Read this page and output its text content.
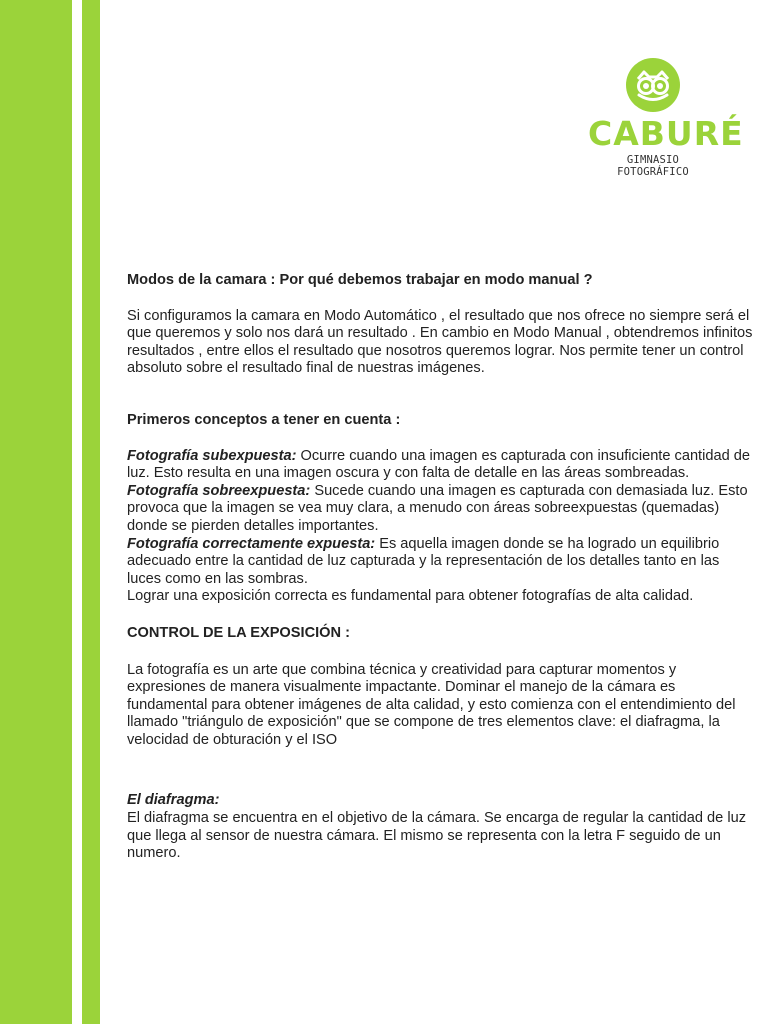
CABURÉ
GIMNASIO FOTOGRÁFICO

Modos de la camara : Por qué debemos trabajar en modo manual ?

Si configuramos la camara en Modo Automático , el resultado que nos ofrece no siempre será el que queremos y solo nos dará un resultado . En cambio en Modo Manual , obtendremos infinitos resultados , entre ellos el resultado que nosotros queremos lograr. Nos permite tener un control absoluto sobre el resultado final de nuestras imágenes.

Primeros conceptos a tener en cuenta :

Fotografía subexpuesta: Ocurre cuando una imagen es capturada con insuficiente cantidad de luz. Esto resulta en una imagen oscura y con falta de detalle en las áreas sombreadas.

Fotografía sobreexpuesta: Sucede cuando una imagen es capturada con demasiada luz. Esto provoca que la imagen se vea muy clara, a menudo con áreas sobreexpuestas (quemadas) donde se pierden detalles importantes.

Fotografía correctamente expuesta: Es aquella imagen donde se ha logrado un equilibrio adecuado entre la cantidad de luz capturada y la representación de los detalles tanto en las luces como en las sombras.

Lograr una exposición correcta es fundamental para obtener fotografías de alta calidad.

CONTROL DE LA EXPOSICIÓN :

La fotografía es un arte que combina técnica y creatividad para capturar momentos y expresiones de manera visualmente impactante. Dominar el manejo de la cámara es fundamental para obtener imágenes de alta calidad, y esto comienza con el entendimiento del llamado "triángulo de exposición" que se compone de tres elementos clave: el diafragma, la velocidad de obturación y el ISO

El diafragma:

El diafragma se encuentra en el objetivo de la cámara. Se encarga de regular la cantidad de luz que llega al sensor de nuestra cámara. El mismo se representa con la letra F seguido de un numero.
